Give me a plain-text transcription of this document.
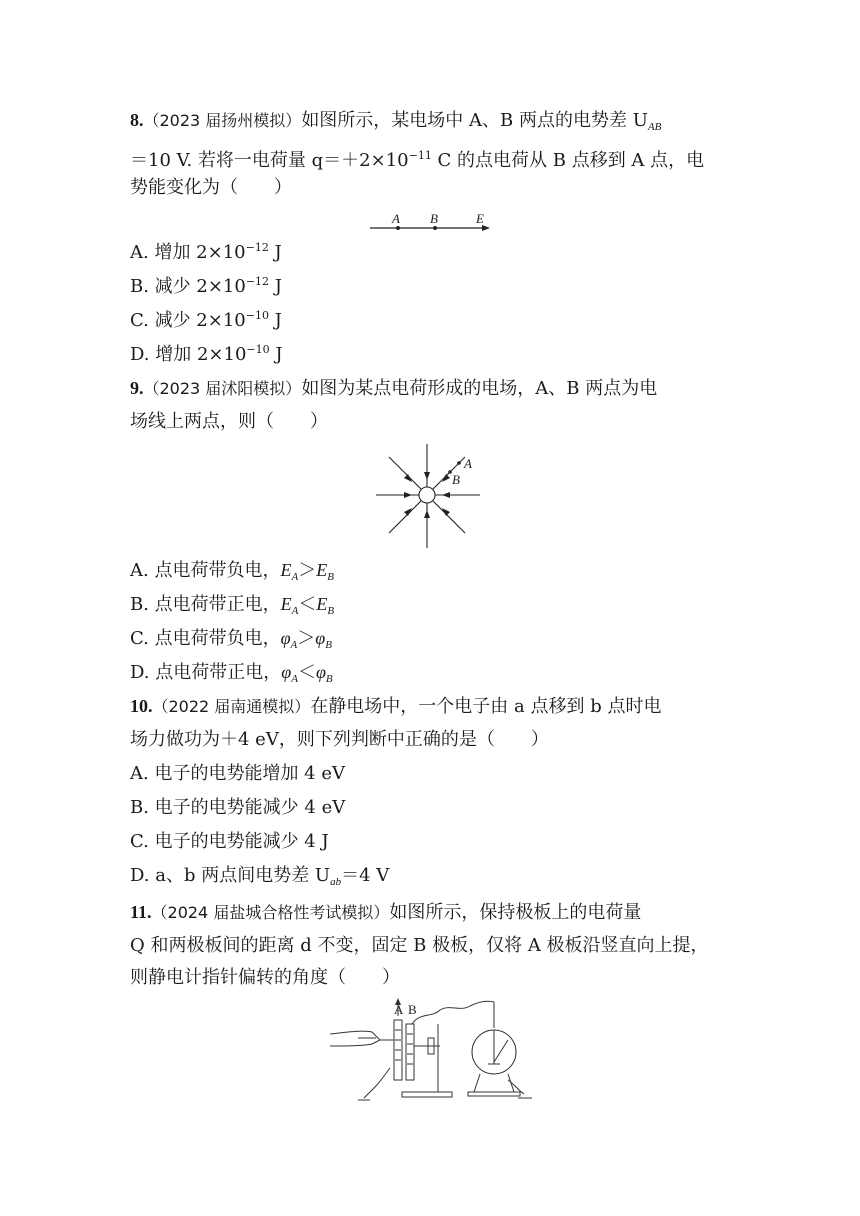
8.（2023 届扬州模拟）如图所示，某电场中 A、B 两点的电势差 $U_{AB}$
＝10 V. 若将一电荷量 $q=+2\times 10^{-11}$ C 的点电荷从 B 点移到 A 点，电
势能变化为（　　）
A B	E
A. 增加 $2\times 10^{-12}$ J
B. 减少 $2\times 10^{-12}$ J
C. 减少 $2\times 10^{-10}$ J
D. 增加 $2\times 10^{-10}$ J
9.（2023 届沭阳模拟）如图为某点电荷形成的电场，A、B 两点为电
场线上两点，则（　　）
A
B
A. 点电荷带负电，$E_A>E_B$
B. 点电荷带正电，$E_A<E_B$
C. 点电荷带负电，$\varphi_A>\varphi_B$
D. 点电荷带正电，$\varphi_A<\varphi_B$
10.（2022 届南通模拟）在静电场中，一个电子由 a 点移到 b 点时电
场力做功为＋4 eV，则下列判断中正确的是（　　）
A. 电子的电势能增加 4 eV
B. 电子的电势能减少 4 eV
C. 电子的电势能减少 4 J
D. a、b 两点间电势差 $U_{ab}=4$ V
11.（2024 届盐城合格性考试模拟）如图所示，保持极板上的电荷量
Q 和两极板间的距离 d 不变，固定 B 极板，仅将 A 极板沿竖直向上提，
则静电计指针偏转的角度（　　）
A B
